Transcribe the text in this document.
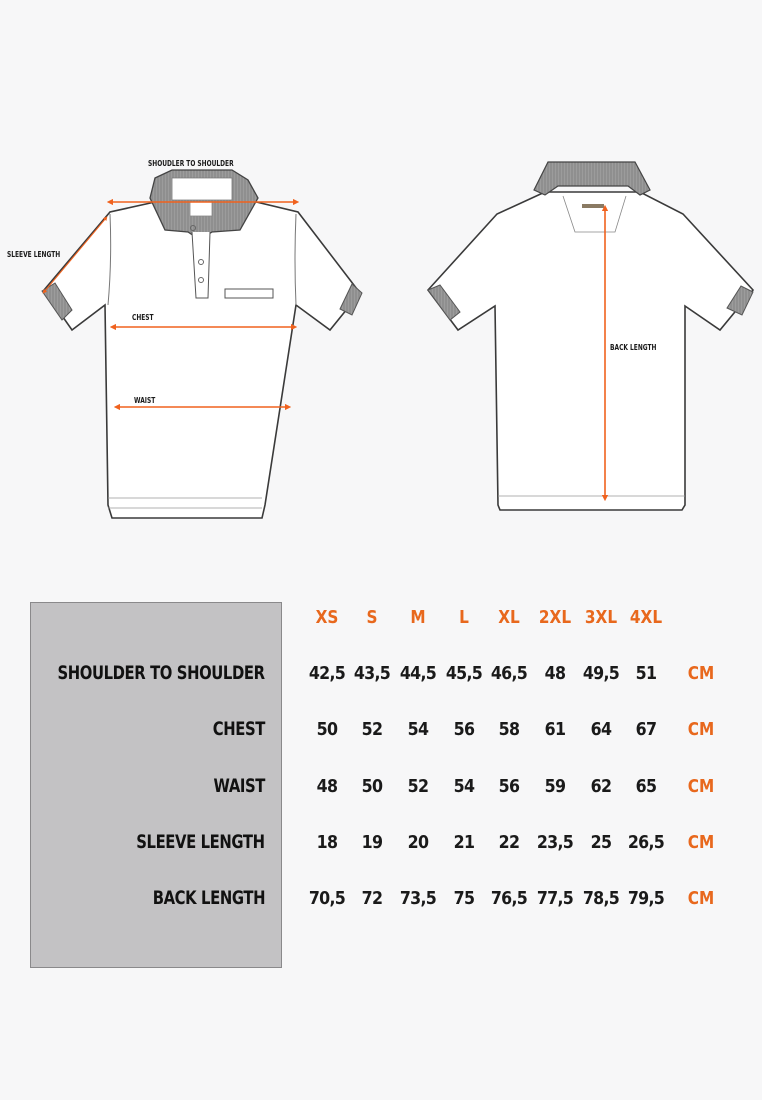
SHOUDLER TO SHOULDER
SLEEVE LENGTH
CHEST
WAIST
BACK LENGTH
XS	S	M	L	XL	2XL 3XL 4XL
SHOULDER TO SHOULDER 42,5 43,5 44,5 45,5 46,5 48 49,5 51	CM
CHEST	50	52	54	56	58	61	64	67	CM
WAIST	48	50	52	54	56	59	62	65	CM
SLEEVE LENGTH	18	19	20	21	22 23,5 25 26,5	CM
BACK LENGTH 70,5 72 73,5 75 76,5 77,5 78,5 79,5	CM
